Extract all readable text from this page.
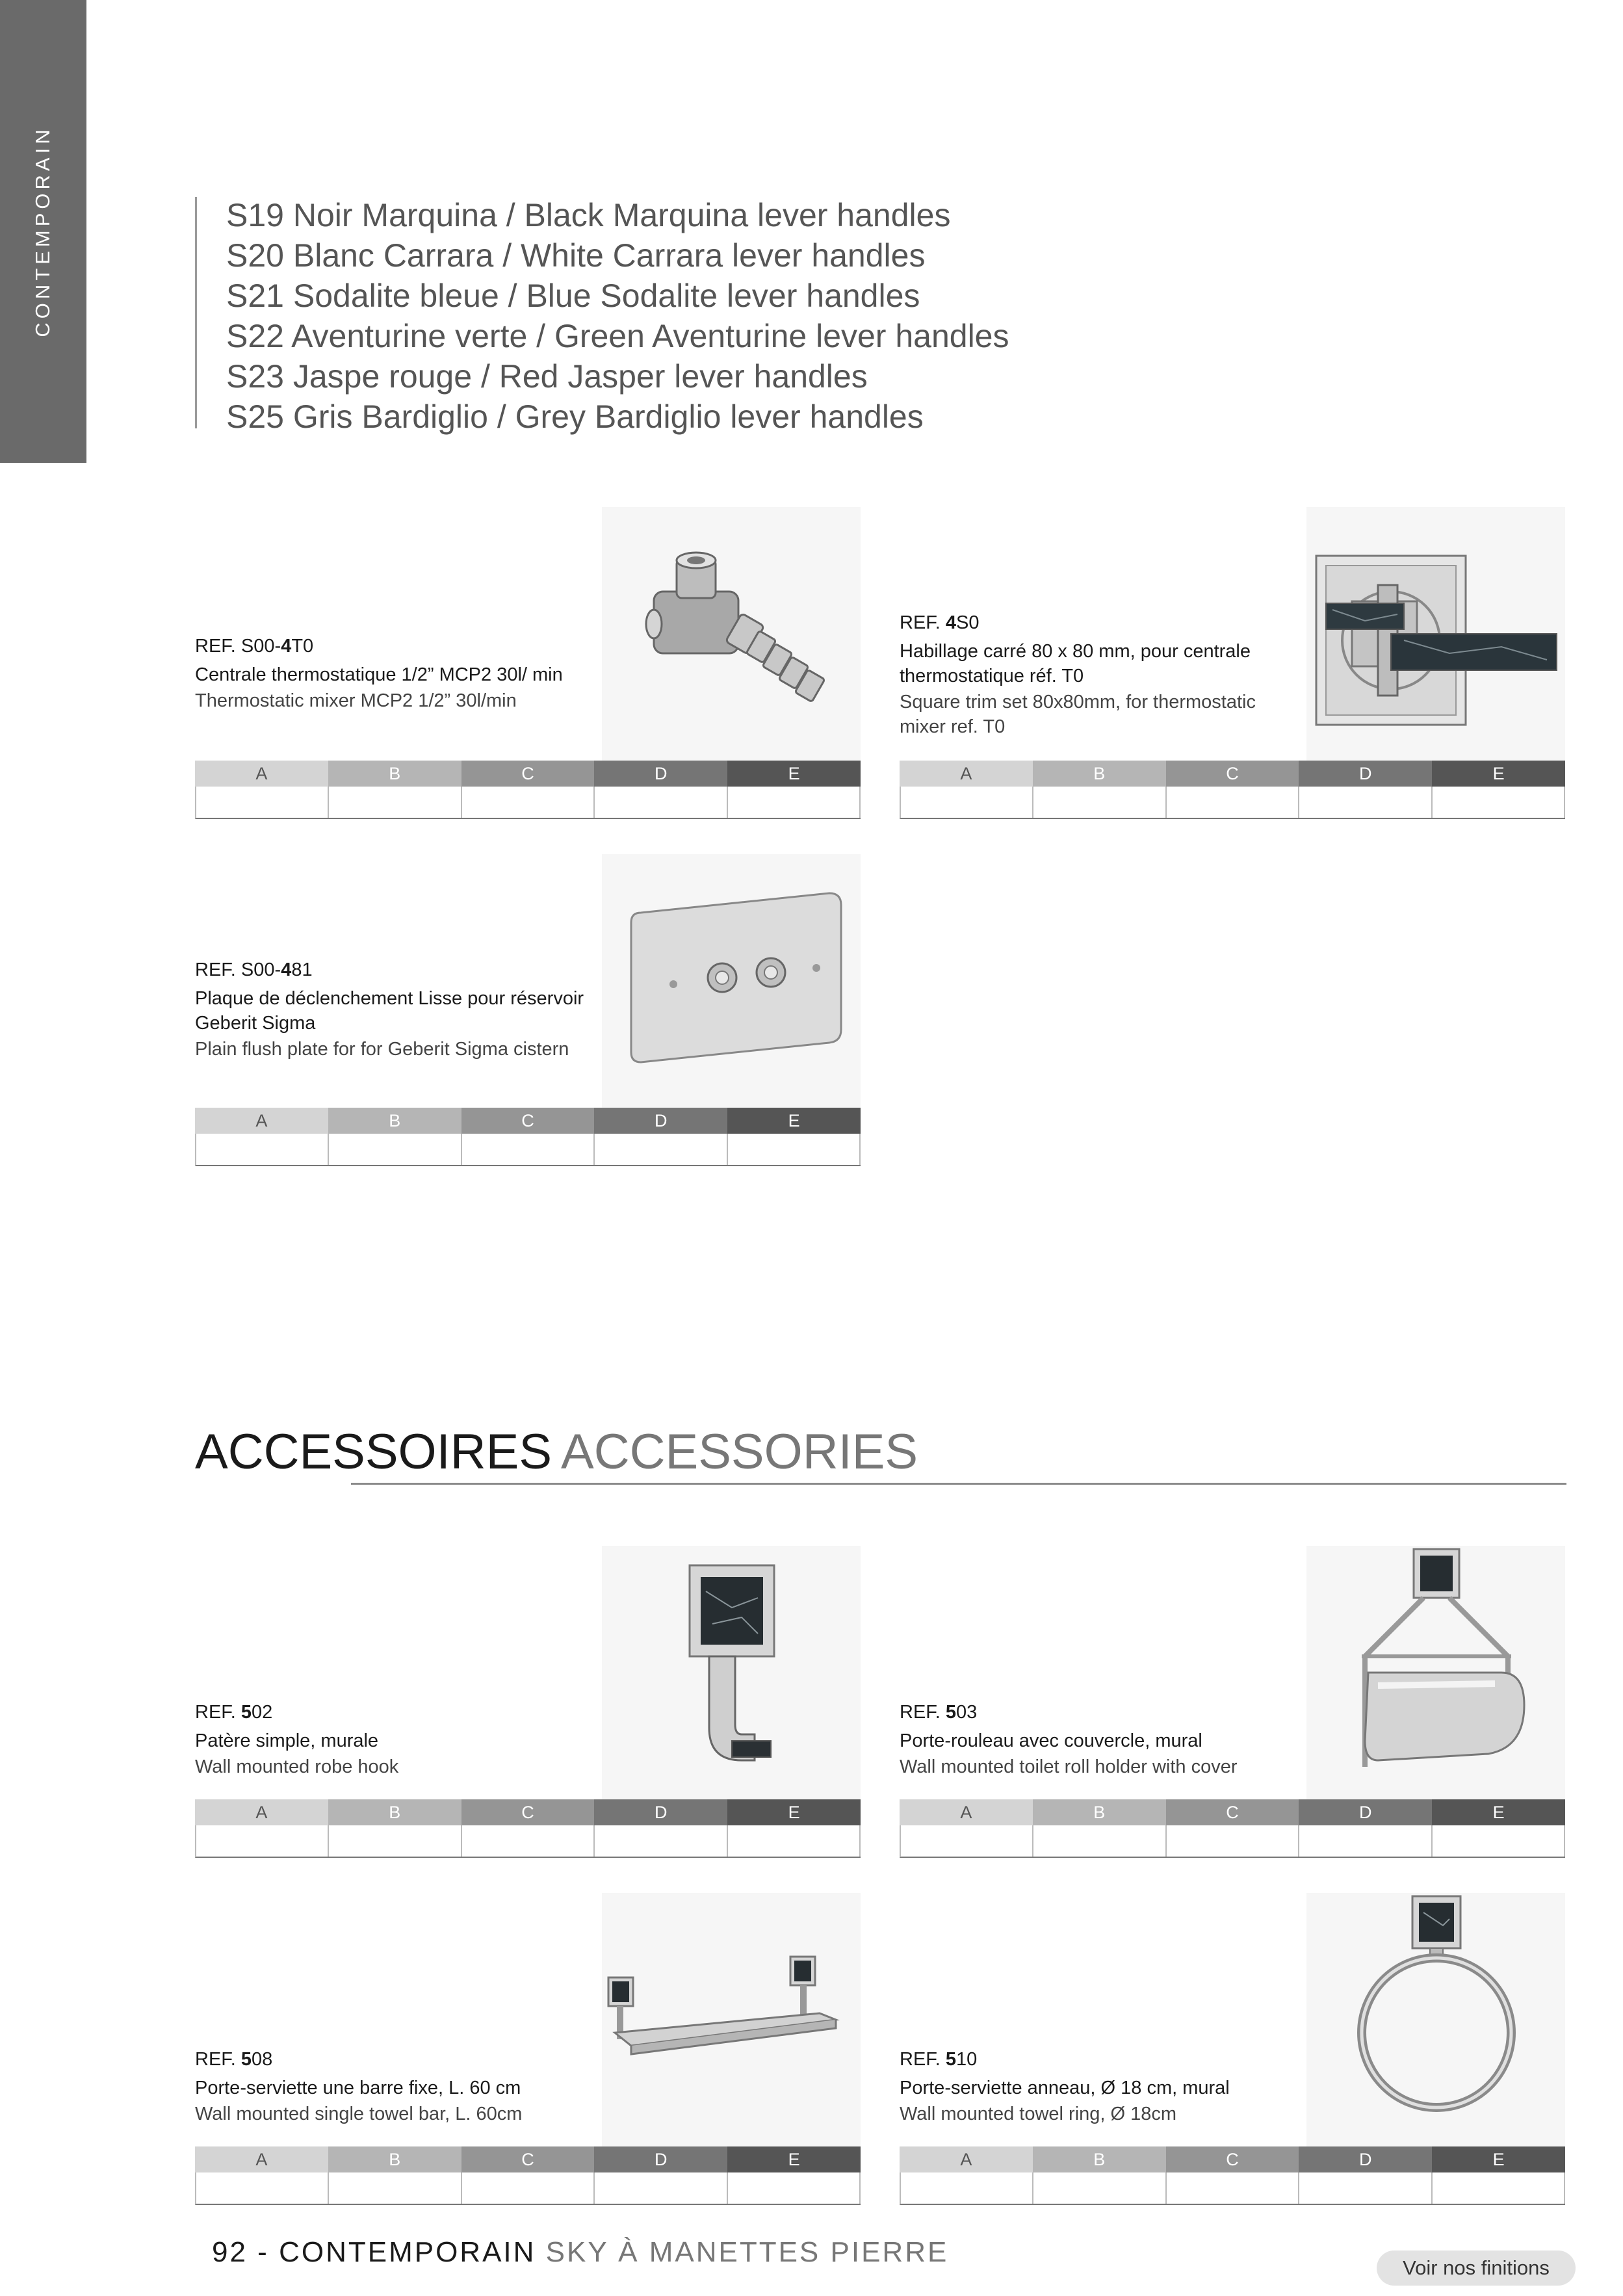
CONTEMPORAIN	S19 Noir Marquina / Black Marquina lever handles
S20 Blanc Carrara / White Carrara lever handles
S21 Sodalite bleue / Blue Sodalite lever handles
S22 Aventurine verte / Green Aventurine lever handles
S23 Jaspe rouge / Red Jasper lever handles
S25 Gris Bardiglio / Grey Bardiglio lever handles

REF. S00-4T0

Centrale thermostatique 1/2” MCP2 30l/ min

Thermostatic mixer MCP2 1/2” 30l/min

A	B	C	D	E

REF. 4S0

Habillage carré 80 x 80 mm, pour centrale thermostatique réf. T0

Square trim set 80x80mm, for thermostatic mixer ref. T0

A	B	C	D	E

REF. S00-481

Plaque de déclenchement Lisse pour réservoir Geberit Sigma

Plain flush plate for for Geberit Sigma cistern

A	B	C	D	E
ACCESSOIRES ACCESSORIES

REF. 502

Patère simple, murale

Wall mounted robe hook

A	B	C	D	E

REF. 503

Porte-rouleau avec couvercle, mural

Wall mounted toilet roll holder with cover

A	B	C	D	E

REF. 508

Porte-serviette une barre fixe, L. 60 cm

Wall mounted single towel bar, L. 60cm

A	B	C	D	E

REF. 510

Porte-serviette anneau, Ø 18 cm, mural

Wall mounted towel ring, Ø 18cm

A	B	C	D	E
92 - CONTEMPORAIN SKY À MANETTES PIERRE	Voir nos finitions
